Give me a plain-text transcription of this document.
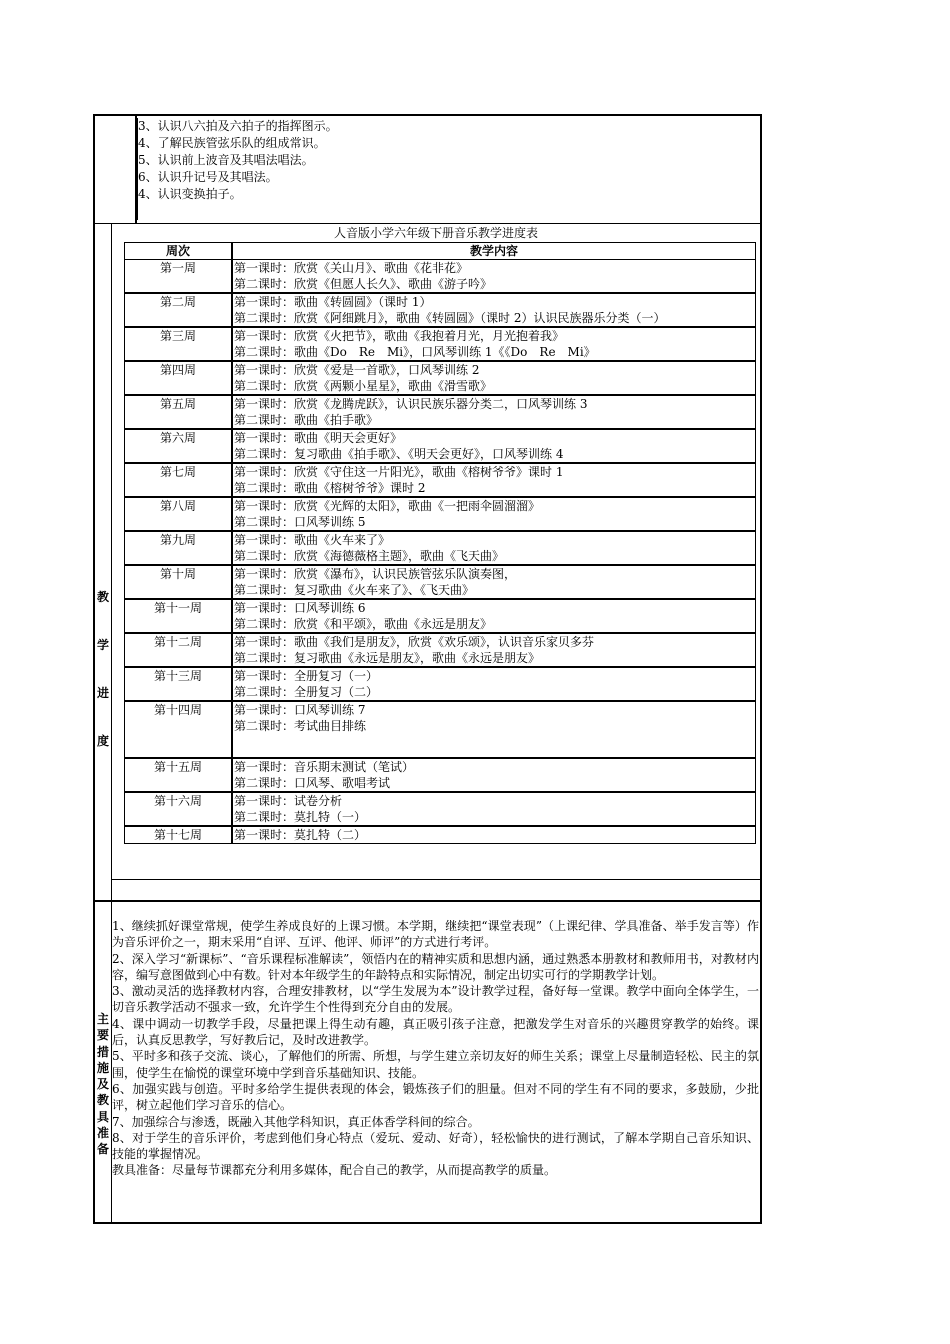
3、认识八六拍及六拍子的指挥图示。
4、了解民族管弦乐队的组成常识。
5、认识前上波音及其唱法唱法。
6、认识升记号及其唱法。
4、认识变换拍子。
教
学
进
度
人音版小学六年级下册音乐教学进度表
周次	教学内容
第一周	第一课时：欣赏《关山月》、歌曲《花非花》
第二课时：欣赏《但愿人长久》、歌曲《游子吟》

第二周	第一课时：歌曲《转圆圆》（课时 1）
第二课时：欣赏《阿细跳月》，歌曲《转圆圆》（课时 2）认识民族器乐分类（一）

第三周	第一课时：欣赏《火把节》，歌曲《我抱着月光，月光抱着我》
第二课时：歌曲《Do　Re　Mi》，口风琴训练 1《《Do　Re　Mi》

第四周	第一课时：欣赏《爱是一首歌》，口风琴训练 2
第二课时：欣赏《两颗小星星》，歌曲《滑雪歌》

第五周	第一课时：欣赏《龙腾虎跃》，认识民族乐器分类二，口风琴训练 3
第二课时：歌曲《拍手歌》

第六周	第一课时：歌曲《明天会更好》
第二课时：复习歌曲《拍手歌》、《明天会更好》，口风琴训练 4

第七周	第一课时：欣赏《守住这一片阳光》，歌曲《榕树爷爷》课时 1
第二课时：歌曲《榕树爷爷》课时 2

第八周	第一课时：欣赏《光辉的太阳》，歌曲《一把雨伞圆溜溜》
第二课时：口风琴训练 5

第九周	第一课时：歌曲《火车来了》
第二课时：欣赏《海德薇格主题》，歌曲《飞天曲》

第十周	第一课时：欣赏《瀑布》，认识民族管弦乐队演奏图，
第二课时：复习歌曲《火车来了》、《飞天曲》

第十一周	第一课时：口风琴训练 6
第二课时：欣赏《和平颂》，歌曲《永远是朋友》

第十二周	第一课时：歌曲《我们是朋友》，欣赏《欢乐颂》，认识音乐家贝多芬
第二课时：复习歌曲《永远是朋友》，歌曲《永远是朋友》

第十三周	第一课时：全册复习（一）
第二课时：全册复习（二）

第十四周	第一课时：口风琴训练 7
第二课时：考试曲目排练

第十五周	第一课时：音乐期末测试（笔试）
第二课时：口风琴、歌唱考试

第十六周	第一课时：试卷分析
第二课时：莫扎特（一）

第十七周	第一课时：莫扎特（二）
主
要
措
施
及
教
具
准
备

1、继续抓好课堂常规，使学生养成良好的上课习惯。本学期，继续把“课堂表现”（上课纪律、学具准备、举手发言等）作为音乐评价之一，期末采用“自评、互评、他评、师评”的方式进行考评。

2、深入学习“新课标”、“音乐课程标准解读”，领悟内在的精神实质和思想内涵，通过熟悉本册教材和教师用书，对教材内容，编写意图做到心中有数。针对本年级学生的年龄特点和实际情况，制定出切实可行的学期教学计划。

3、激动灵活的选择教材内容，合理安排教材，以“学生发展为本”设计教学过程，备好每一堂课。教学中面向全体学生，一切音乐教学活动不强求一致，允许学生个性得到充分自由的发展。

4、课中调动一切教学手段，尽量把课上得生动有趣，真正吸引孩子注意，把激发学生对音乐的兴趣贯穿教学的始终。课后，认真反思教学，写好教后记，及时改进教学。

5、平时多和孩子交流、谈心，了解他们的所需、所想，与学生建立亲切友好的师生关系；课堂上尽量制造轻松、民主的氛围，使学生在愉悦的课堂环境中学到音乐基础知识、技能。

6、加强实践与创造。平时多给学生提供表现的体会，锻炼孩子们的胆量。但对不同的学生有不同的要求，多鼓励，少批评，树立起他们学习音乐的信心。

7、加强综合与渗透，既融入其他学科知识，真正体香学科间的综合。

8、对于学生的音乐评价，考虑到他们身心特点（爱玩、爱动、好奇），轻松愉快的进行测试，了解本学期自己音乐知识、技能的掌握情况。

教具准备：尽量每节课都充分利用多媒体，配合自己的教学，从而提高教学的质量。
